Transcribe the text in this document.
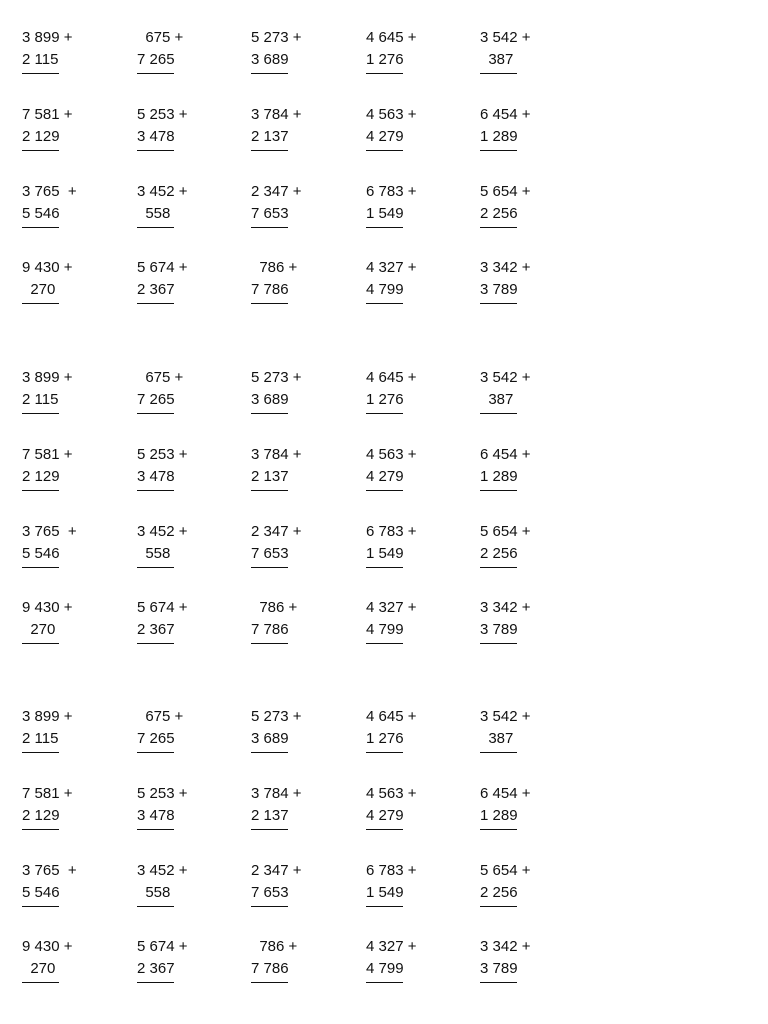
3 899 +
2 115
675 +
7 265
5 273 +
3 689
4 645 +
1 276
3 542 +
387
7 581 +
2 129
5 253 +
3 478
3 784 +
2 137
4 563 +
4 279
6 454 +
1 289
3 765  +
5 546
3 452 +
558
2 347 +
7 653
6 783 +
1 549
5 654 +
2 256
9 430 +
270
5 674 +
2 367
786 +
7 786
4 327 +
4 799
3 342 +
3 789
3 899 +
2 115
675 +
7 265
5 273 +
3 689
4 645 +
1 276
3 542 +
387
7 581 +
2 129
5 253 +
3 478
3 784 +
2 137
4 563 +
4 279
6 454 +
1 289
3 765  +
5 546
3 452 +
558
2 347 +
7 653
6 783 +
1 549
5 654 +
2 256
9 430 +
270
5 674 +
2 367
786 +
7 786
4 327 +
4 799
3 342 +
3 789
3 899 +
2 115
675 +
7 265
5 273 +
3 689
4 645 +
1 276
3 542 +
387
7 581 +
2 129
5 253 +
3 478
3 784 +
2 137
4 563 +
4 279
6 454 +
1 289
3 765  +
5 546
3 452 +
558
2 347 +
7 653
6 783 +
1 549
5 654 +
2 256
9 430 +
270
5 674 +
2 367
786 +
7 786
4 327 +
4 799
3 342 +
3 789
